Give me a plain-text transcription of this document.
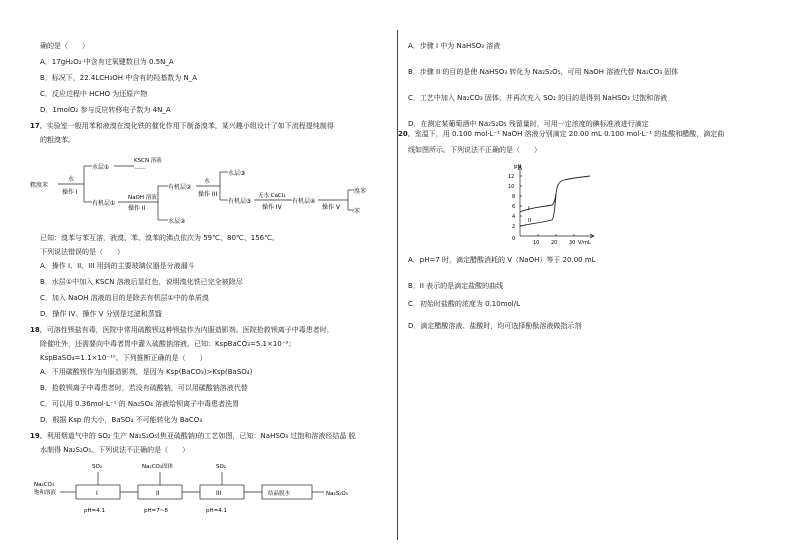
确的是（　　）
A．17gH₂O₂ 中含有过氧键数目为 0.5N_A
B．标况下，22.4LCH₃OH 中含有的羟基数为 N_A
C．反应过程中 HCHO 为还原产物
D．1molO₂ 参与反应转移电子数为 4N_A
17．实验室一般用苯和液溴在溴化铁的催化作用下制备溴苯，某兴趣小组设计了如下流程提纯制得
的粗溴苯。
粗溴苯
水
操作 I
水层①
KSCN 溶液
……
有机层①
NaOH 溶液
操作 II
有机层②
水层②
水
操作 III
水层③
有机层③
无水 CaCl₂
操作 IV
有机层④
操作 V
溴苯
苯
已知：溴苯与苯互溶，液溴、苯、溴苯的沸点依次为 59℃、80℃、156℃。
下列说法错误的是（　　）
A．操作 I、II、III 用到的主要玻璃仪器是分液漏斗
B．水层①中加入 KSCN 溶液后显红色，说明溴化铁已完全被除尽
C．加入 NaOH 溶液的目的是除去有机层①中的单质溴
D．操作 IV、操作 V 分别是过滤和蒸馏
18．可溶性钡盐有毒，医院中常用硫酸钡这种钡盐作为内服造影剂。医院抢救钡离子中毒患者时，
除催吐外，还需要向中毒者胃中灌入硫酸钠溶液。已知：KspBaCO₃=5.1×10⁻⁹；
KspBaSO₄=1.1×10⁻¹⁰。下列推断正确的是（　　）
A．不用碳酸钡作为内服造影剂，是因为 Ksp(BaCO₃)>Ksp(BaSO₄)
B．抢救钡离子中毒患者时，若没有硫酸钠，可以用碳酸钠溶液代替
C．可以用 0.36mol·L⁻¹ 的 Na₂SO₄ 溶液给钡离子中毒患者洗胃
D．根据 Ksp 的大小，BaSO₄ 不可能转化为 BaCO₃
19．利用烟道气中的 SO₂ 生产 Na₂S₂O₅(焦亚硫酸钠)的工艺如图，已知：NaHSO₃ 过饱和溶液经结晶 脱
水制得 Na₂S₂O₅。下列说法不正确的是（　　）
Na₂CO₃
饱和溶液
SO₂	Na₂CO₃固体	SO₂
I	II	III	结晶脱水	Na₂S₂O₅
pH=4.1	pH=7~8	pH=4.1
A．步骤 I 中为 NaHSO₃ 溶液
B．步骤 II 的目的是使 NaHSO₃ 转化为 Na₂S₂O₅，可用 NaOH 溶液代替 Na₂CO₃ 固体
C．工艺中加入 Na₂CO₃ 固体、并再次充入 SO₂ 的目的是得到 NaHSO₃ 过饱和溶液
D．在测定某葡萄酒中 Na₂S₂O₅ 残留量时，可用一定浓度的碘标准液进行滴定
20．室温下，用 0.100 mol·L⁻¹ NaOH 溶液分别滴定 20.00 mL 0.100 mol·L⁻¹ 的盐酸和醋酸，滴定曲
线如图所示。下列说法不正确的是（　　）
pH
12
10
8
6
4
2
0
10 20 30 V/mL
I
II
A．pH=7 时，滴定醋酸消耗的 V（NaOH）等于 20.00 mL
B．II 表示的是滴定盐酸的曲线
C．初始时盐酸的浓度为 0.10mol/L
D．滴定醋酸溶液、盐酸时，均可选择酚酞溶液做指示剂
